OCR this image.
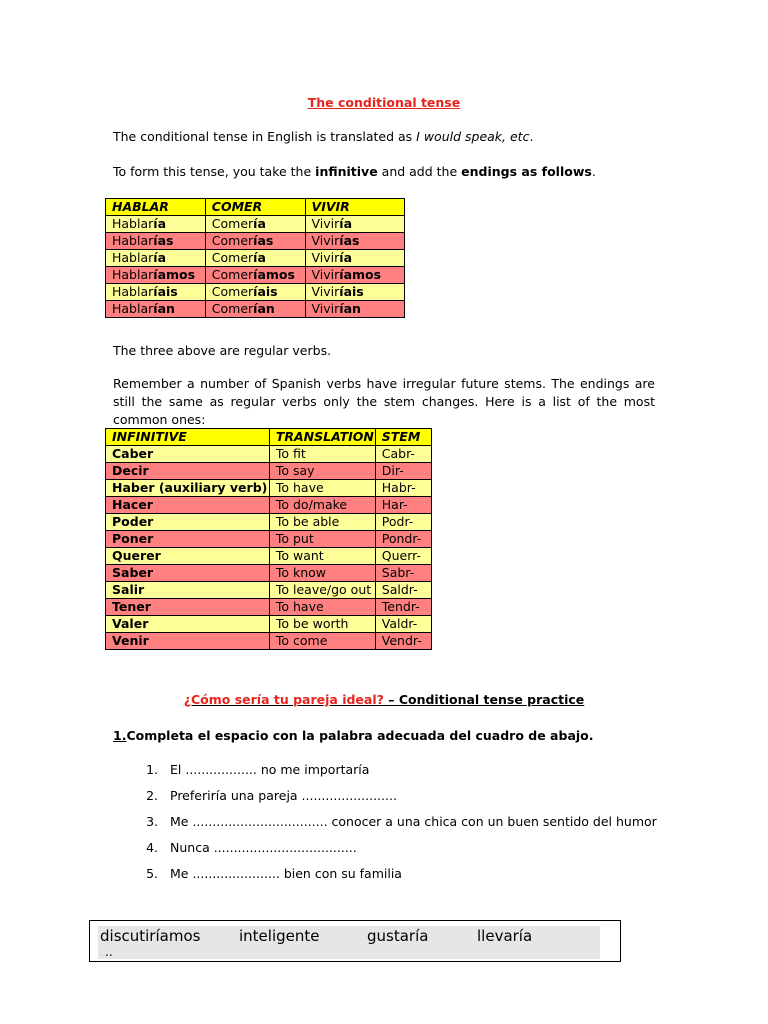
The conditional tense
The conditional tense in English is translated as I would speak, etc.
To form this tense, you take the infinitive and add the endings as follows.
HABLAR	COMER	VIVIR
Hablaría	Comería	Viviría
Hablarías	Comerías	Vivirías
Hablaría	Comería	Viviría
Hablaríamos	Comeríamos	Viviríamos
Hablaríais	Comeríais	Viviríais
Hablarían	Comerían	Vivirían
The three above are regular verbs.
Remember a number of Spanish verbs have irregular future stems. The endings are still the same as regular verbs only the stem changes. Here is a list of the most common ones:
INFINITIVE	TRANSLATION	STEM
Caber	To fit	Cabr-
Decir	To say	Dir-
Haber (auxiliary verb)	To have	Habr-
Hacer	To do/make	Har-
Poder	To be able	Podr-
Poner	To put	Pondr-
Querer	To want	Querr-
Saber	To know	Sabr-
Salir	To leave/go out	Saldr-
Tener	To have	Tendr-
Valer	To be worth	Valdr-
Venir	To come	Vendr-
¿Cómo sería tu pareja ideal? – Conditional tense practice
1.Completa el espacio con la palabra adecuada del cuadro de abajo.
1. El .................. no me importaría
2. Preferiría una pareja ........................
3. Me .................................. conocer a una chica con un buen sentido del humor
4. Nunca ....................................
5. Me ...................... bien con su familia
discutiríamos	inteligente	gustaría	llevaría
..
